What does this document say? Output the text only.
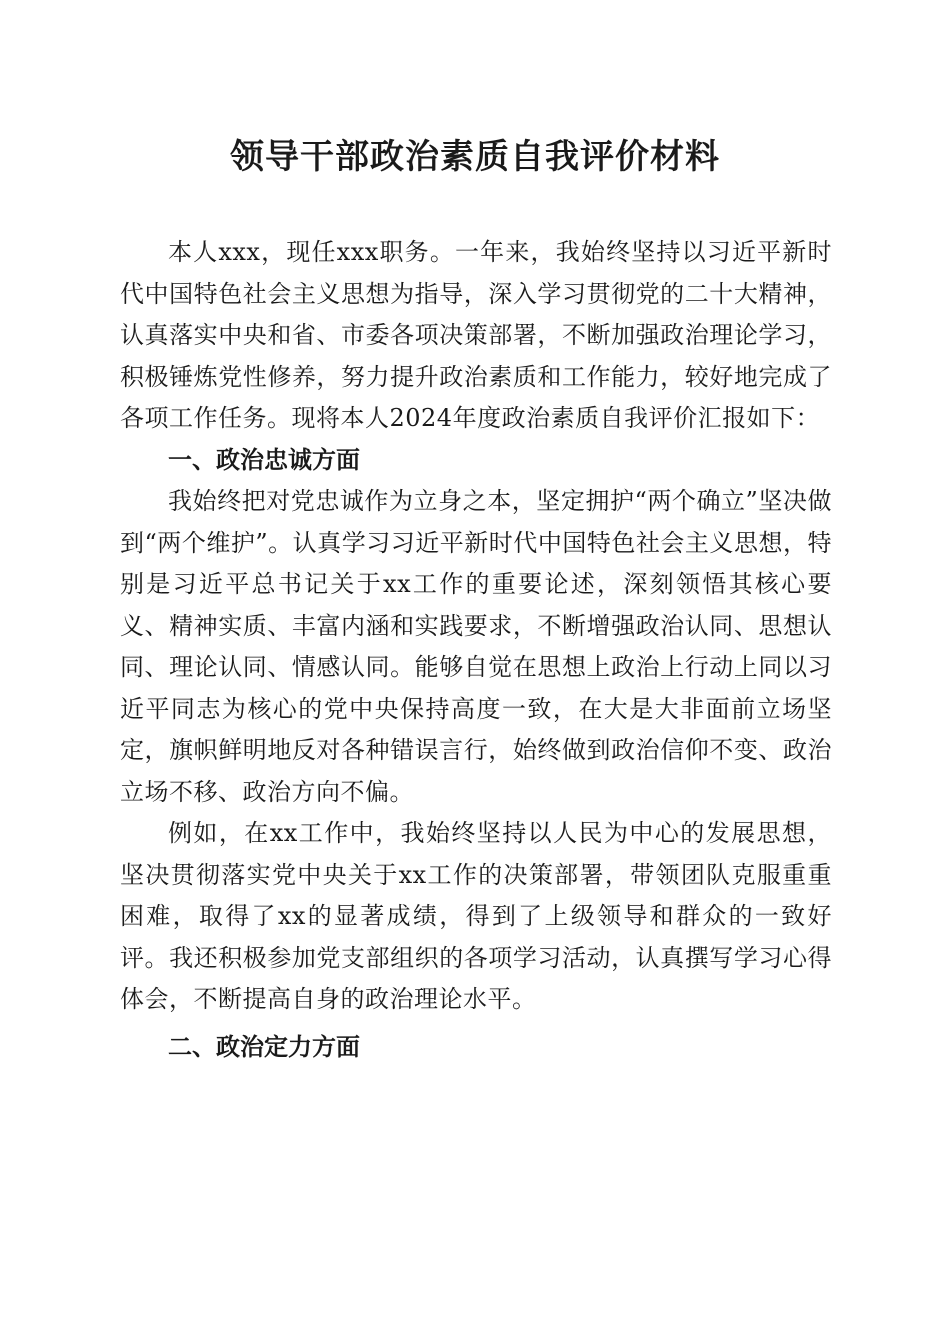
领导干部政治素质自我评价材料

本人xxx，现任xxx职务。一年来，我始终坚持以习近平新时代中国特色社会主义思想为指导，深入学习贯彻党的二十大精神，认真落实中央和省、市委各项决策部署，不断加强政治理论学习，积极锤炼党性修养，努力提升政治素质和工作能力，较好地完成了各项工作任务。现将本人2024年度政治素质自我评价汇报如下：

一、政治忠诚方面

我始终把对党忠诚作为立身之本，坚定拥护“两个确立”坚决做到“两个维护”。认真学习习近平新时代中国特色社会主义思想，特别是习近平总书记关于xx工作的重要论述，深刻领悟其核心要义、精神实质、丰富内涵和实践要求，不断增强政治认同、思想认同、理论认同、情感认同。能够自觉在思想上政治上行动上同以习近平同志为核心的党中央保持高度一致，在大是大非面前立场坚定，旗帜鲜明地反对各种错误言行，始终做到政治信仰不变、政治立场不移、政治方向不偏。

例如，在xx工作中，我始终坚持以人民为中心的发展思想，坚决贯彻落实党中央关于xx工作的决策部署，带领团队克服重重困难，取得了xx的显著成绩，得到了上级领导和群众的一致好评。我还积极参加党支部组织的各项学习活动，认真撰写学习心得体会，不断提高自身的政治理论水平。

二、政治定力方面
